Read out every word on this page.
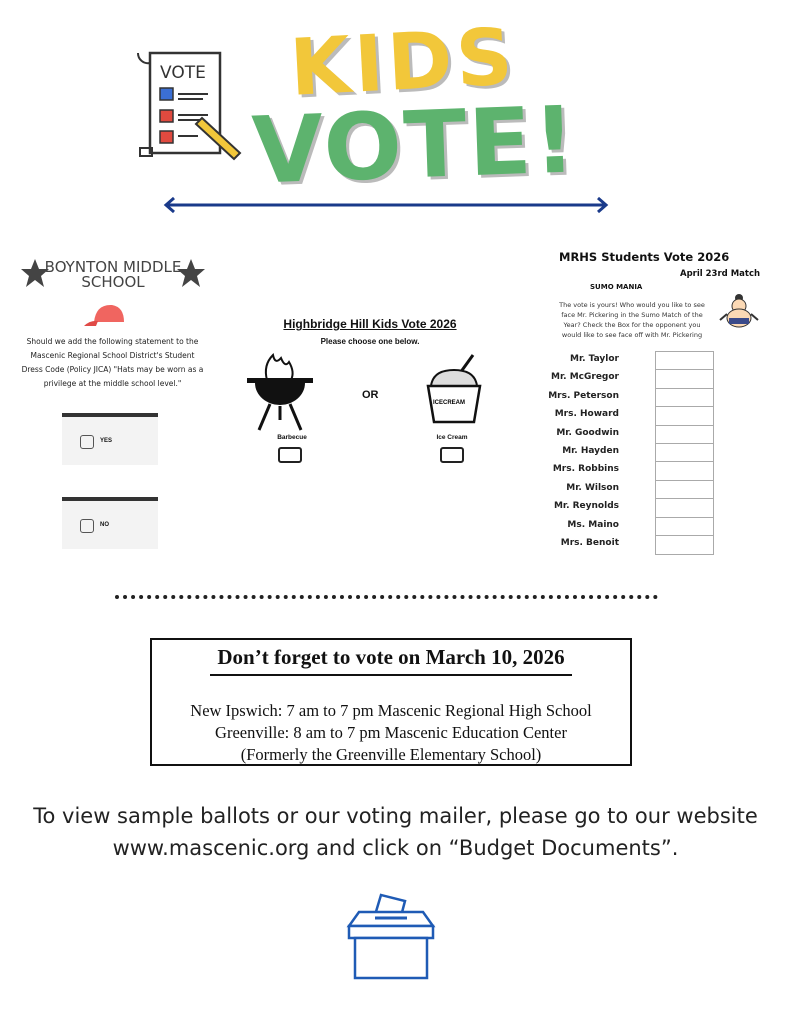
VOTE KIDS
VOTE!
BOYNTON MIDDLE SCHOOL
Should we add the following statement to the Mascenic Regional School District's Student Dress Code (Policy JICA) "Hats may be worn as a privilege at the middle school level."
YES
NO
Highbridge Hill Kids Vote 2026
Please choose one below.
OR
ICECREAM
Barbecue	Ice Cream
MRHS Students Vote 2026
April 23rd Match
SUMO MANIA
The vote is yours! Who would you like to see face Mr. Pickering in the Sumo Match of the Year? Check the Box for the opponent you would like to see face off with Mr. Pickering
Mr. Taylor
Mr. McGregor
Mrs. Peterson
Mrs. Howard
Mr. Goodwin
Mr. Hayden
Mrs. Robbins
Mr. Wilson
Mr. Reynolds
Ms. Maino
Mrs. Benoit
Don’t forget to vote on March 10, 2026
New Ipswich: 7 am to 7 pm Mascenic Regional High School
Greenville: 8 am to 7 pm Mascenic Education Center
(Formerly the Greenville Elementary School)
To view sample ballots or our voting mailer, please go to our website
www.mascenic.org and click on “Budget Documents”.
